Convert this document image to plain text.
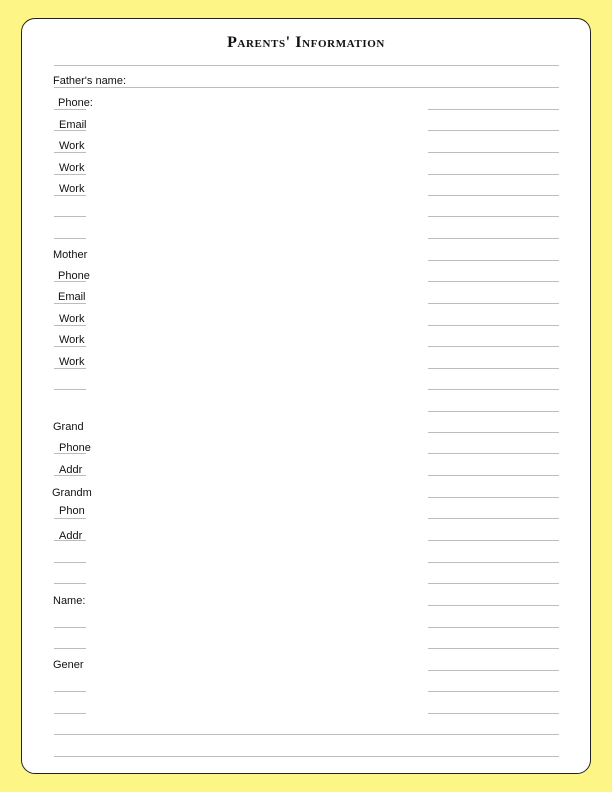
Parents' Information
Father's name:
Phone:
Email
Work
Work
Work
Mother
Phone
Email
Work
Work
Work
Grand
Phone
Addr
Grandm
Phon
Addr
Name:
Gener
